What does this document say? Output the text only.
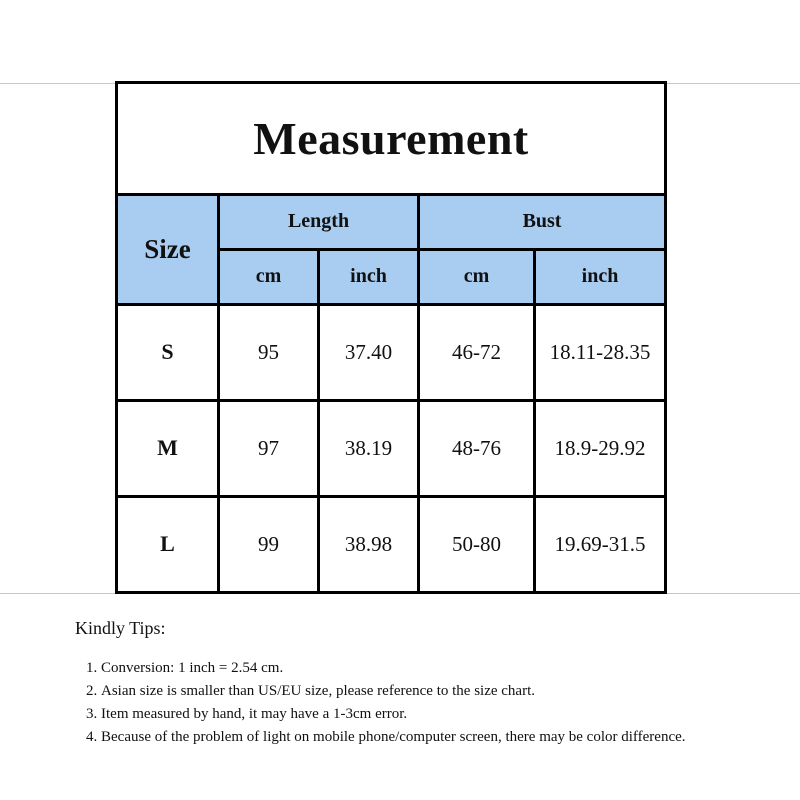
Measurement				
Size	Length		Bust	
	cm	inch	cm	inch
S	95	37.40	46-72	18.11-28.35
M	97	38.19	48-76	18.9-29.92
L	99	38.98	50-80	19.69-31.5

Kindly Tips:

1. Conversion: 1 inch = 2.54 cm.
2. Asian size is smaller than US/EU size, please reference to the size chart.
3. Item measured by hand, it may have a 1-3cm error.
4. Because of the problem of light on mobile phone/computer screen, there may be color difference.
